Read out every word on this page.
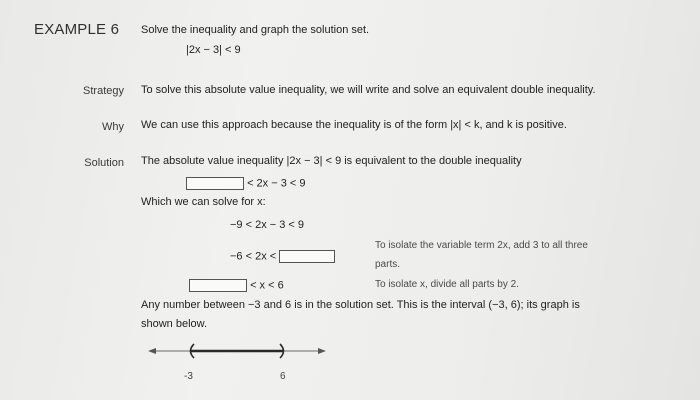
EXAMPLE 6 Solve the inequality and graph the solution set.
|2x − 3| < 9
Strategy To solve this absolute value inequality, we will write and solve an equivalent double inequality.
Why We can use this approach because the inequality is of the form |x| < k, and k is positive.
Solution The absolute value inequality |2x − 3| < 9 is equivalent to the double inequality
< 2x − 3 < 9
Which we can solve for x:
−9 < 2x − 3 < 9
−6 < 2x <
To isolate the variable term 2x, add 3 to all three
parts.
< x < 6	To isolate x, divide all parts by 2.
Any number between −3 and 6 is in the solution set. This is the interval (−3, 6); its graph is
shown below.
-3	6
